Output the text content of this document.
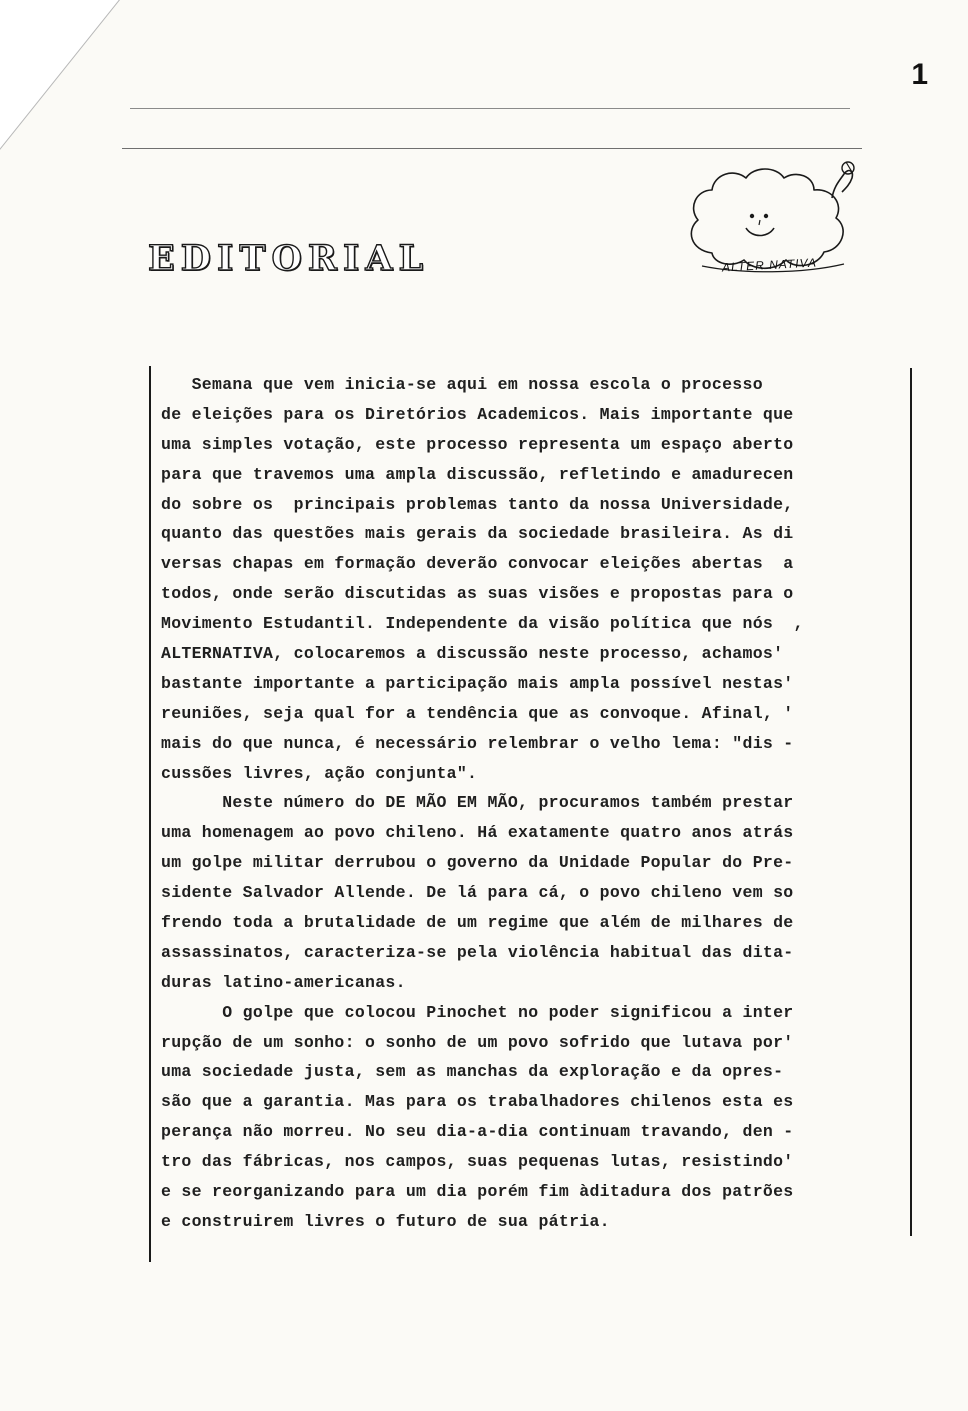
1
EDITORIAL	ALTER NATIVA
Semana que vem inicia-se aqui em nossa escola o processo
de eleições para os Diretórios Academicos. Mais importante que
uma simples votação, este processo representa um espaço aberto
para que travemos uma ampla discussão, refletindo e amadurecen
do sobre os  principais problemas tanto da nossa Universidade,
quanto das questões mais gerais da sociedade brasileira. As di
versas chapas em formação deverão convocar eleições abertas  a
todos, onde serão discutidas as suas visões e propostas para o
Movimento Estudantil. Independente da visão política que nós  ,
ALTERNATIVA, colocaremos a discussão neste processo, achamos'
bastante importante a participação mais ampla possível nestas'
reuniões, seja qual for a tendência que as convoque. Afinal, '
mais do que nunca, é necessário relembrar o velho lema: "dis -
cussões livres, ação conjunta".
Neste número do DE MÃO EM MÃO, procuramos também prestar
uma homenagem ao povo chileno. Há exatamente quatro anos atrás
um golpe militar derrubou o governo da Unidade Popular do Pre-
sidente Salvador Allende. De lá para cá, o povo chileno vem so
frendo toda a brutalidade de um regime que além de milhares de
assassinatos, caracteriza-se pela violência habitual das dita-
duras latino-americanas.
O golpe que colocou Pinochet no poder significou a inter
rupção de um sonho: o sonho de um povo sofrido que lutava por'
uma sociedade justa, sem as manchas da exploração e da opres-
são que a garantia. Mas para os trabalhadores chilenos esta es
perança não morreu. No seu dia-a-dia continuam travando, den -
tro das fábricas, nos campos, suas pequenas lutas, resistindo'
e se reorganizando para um dia porém fim àditadura dos patrões
e construirem livres o futuro de sua pátria.
